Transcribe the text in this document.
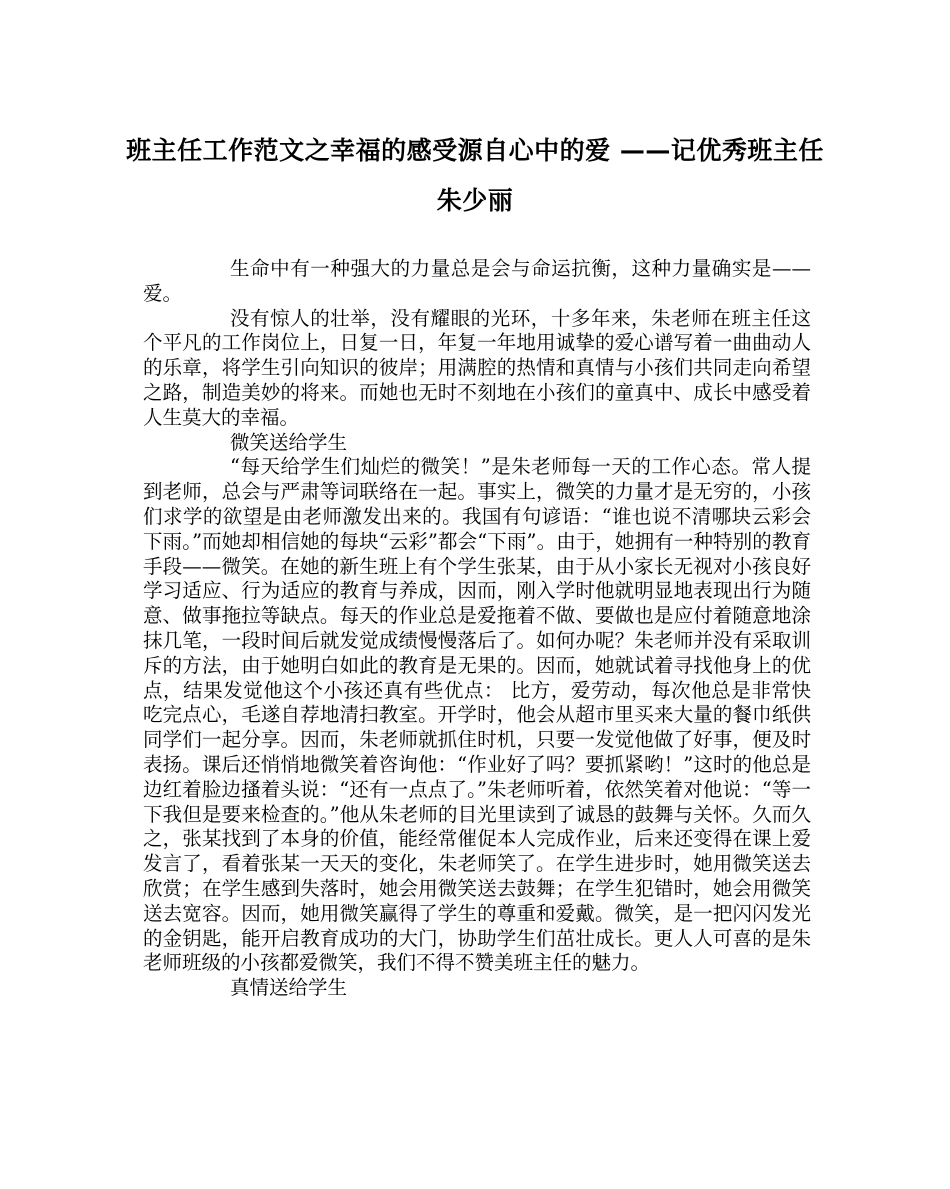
班主任工作范文之幸福的感受源自心中的爱 ——记优秀班主任朱少丽

生命中有一种强大的力量总是会与命运抗衡，这种力量确实是——爱。

没有惊人的壮举，没有耀眼的光环，十多年来，朱老师在班主任这个平凡的工作岗位上，日复一日，年复一年地用诚挚的爱心谱写着一曲曲动人的乐章，将学生引向知识的彼岸；用满腔的热情和真情与小孩们共同走向希望之路，制造美妙的将来。而她也无时不刻地在小孩们的童真中、成长中感受着人生莫大的幸福。

微笑送给学生

“每天给学生们灿烂的微笑！”是朱老师每一天的工作心态。常人提到老师，总会与严肃等词联络在一起。事实上，微笑的力量才是无穷的，小孩们求学的欲望是由老师激发出来的。我国有句谚语：“谁也说不清哪块云彩会下雨。”而她却相信她的每块“云彩”都会“下雨”。由于，她拥有一种特别的教育手段——微笑。在她的新生班上有个学生张某，由于从小家长无视对小孩良好学习适应、行为适应的教育与养成，因而，刚入学时他就明显地表现出行为随意、做事拖拉等缺点。每天的作业总是爱拖着不做、要做也是应付着随意地涂抹几笔，一段时间后就发觉成绩慢慢落后了。如何办呢？朱老师并没有采取训斥的方法，由于她明白如此的教育是无果的。因而，她就试着寻找他身上的优点，结果发觉他这个小孩还真有些优点： 比方，爱劳动，每次他总是非常快吃完点心，毛遂自荐地清扫教室。开学时，他会从超市里买来大量的餐巾纸供同学们一起分享。因而，朱老师就抓住时机，只要一发觉他做了好事，便及时表扬。课后还悄悄地微笑着咨询他：“作业好了吗？要抓紧哟！”这时的他总是边红着脸边搔着头说：“还有一点点了。”朱老师听着，依然笑着对他说：“等一下我但是要来检查的。”他从朱老师的目光里读到了诚恳的鼓舞与关怀。久而久之，张某找到了本身的价值，能经常催促本人完成作业，后来还变得在课上爱发言了，看着张某一天天的变化，朱老师笑了。在学生进步时，她用微笑送去欣赏；在学生感到失落时，她会用微笑送去鼓舞；在学生犯错时，她会用微笑送去宽容。因而，她用微笑赢得了学生的尊重和爱戴。微笑，是一把闪闪发光的金钥匙，能开启教育成功的大门，协助学生们茁壮成长。更人人可喜的是朱老师班级的小孩都爱微笑，我们不得不赞美班主任的魅力。

真情送给学生
